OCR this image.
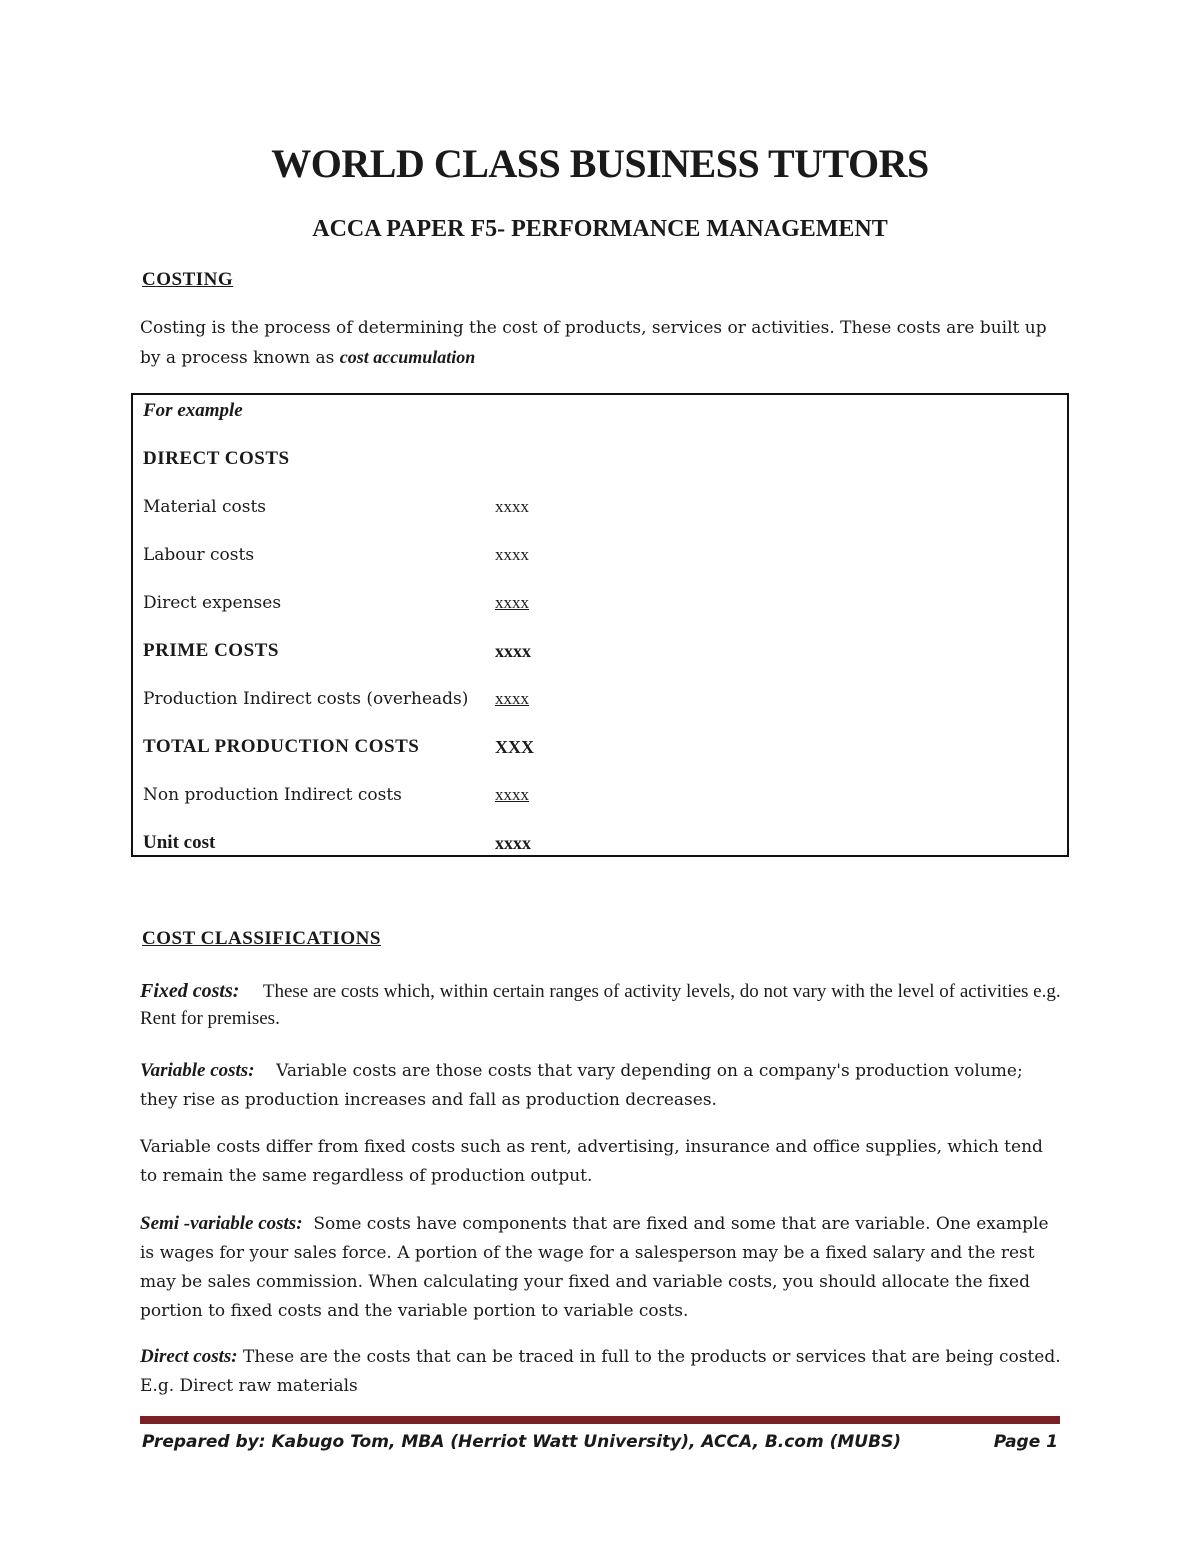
WORLD CLASS BUSINESS TUTORS
ACCA PAPER F5- PERFORMANCE MANAGEMENT
COSTING

Costing is the process of determining the cost of products, services or activities. These costs are built up by a process known as cost accumulation

For example
DIRECT COSTS
Material costs	xxxx
Labour costs	xxxx
Direct expenses	xxxx
PRIME COSTS	xxxx
Production Indirect costs (overheads) xxxx
TOTAL PRODUCTION COSTS	XXX
Non production Indirect costs	xxxx
Unit cost	xxxx
COST CLASSIFICATIONS

Fixed costs: These are costs which, within certain ranges of activity levels, do not vary with the level of activities e.g. Rent for premises.

Variable costs: Variable costs are those costs that vary depending on a company's production volume; they rise as production increases and fall as production decreases.

Variable costs differ from fixed costs such as rent, advertising, insurance and office supplies, which tend to remain the same regardless of production output.

Semi -variable costs: Some costs have components that are fixed and some that are variable. One example is wages for your sales force. A portion of the wage for a salesperson may be a fixed salary and the rest may be sales commission. When calculating your fixed and variable costs, you should allocate the fixed portion to fixed costs and the variable portion to variable costs.

Direct costs: These are the costs that can be traced in full to the products or services that are being costed. E.g. Direct raw materials

Prepared by: Kabugo Tom, MBA (Herriot Watt University), ACCA, B.com (MUBS)	Page 1
